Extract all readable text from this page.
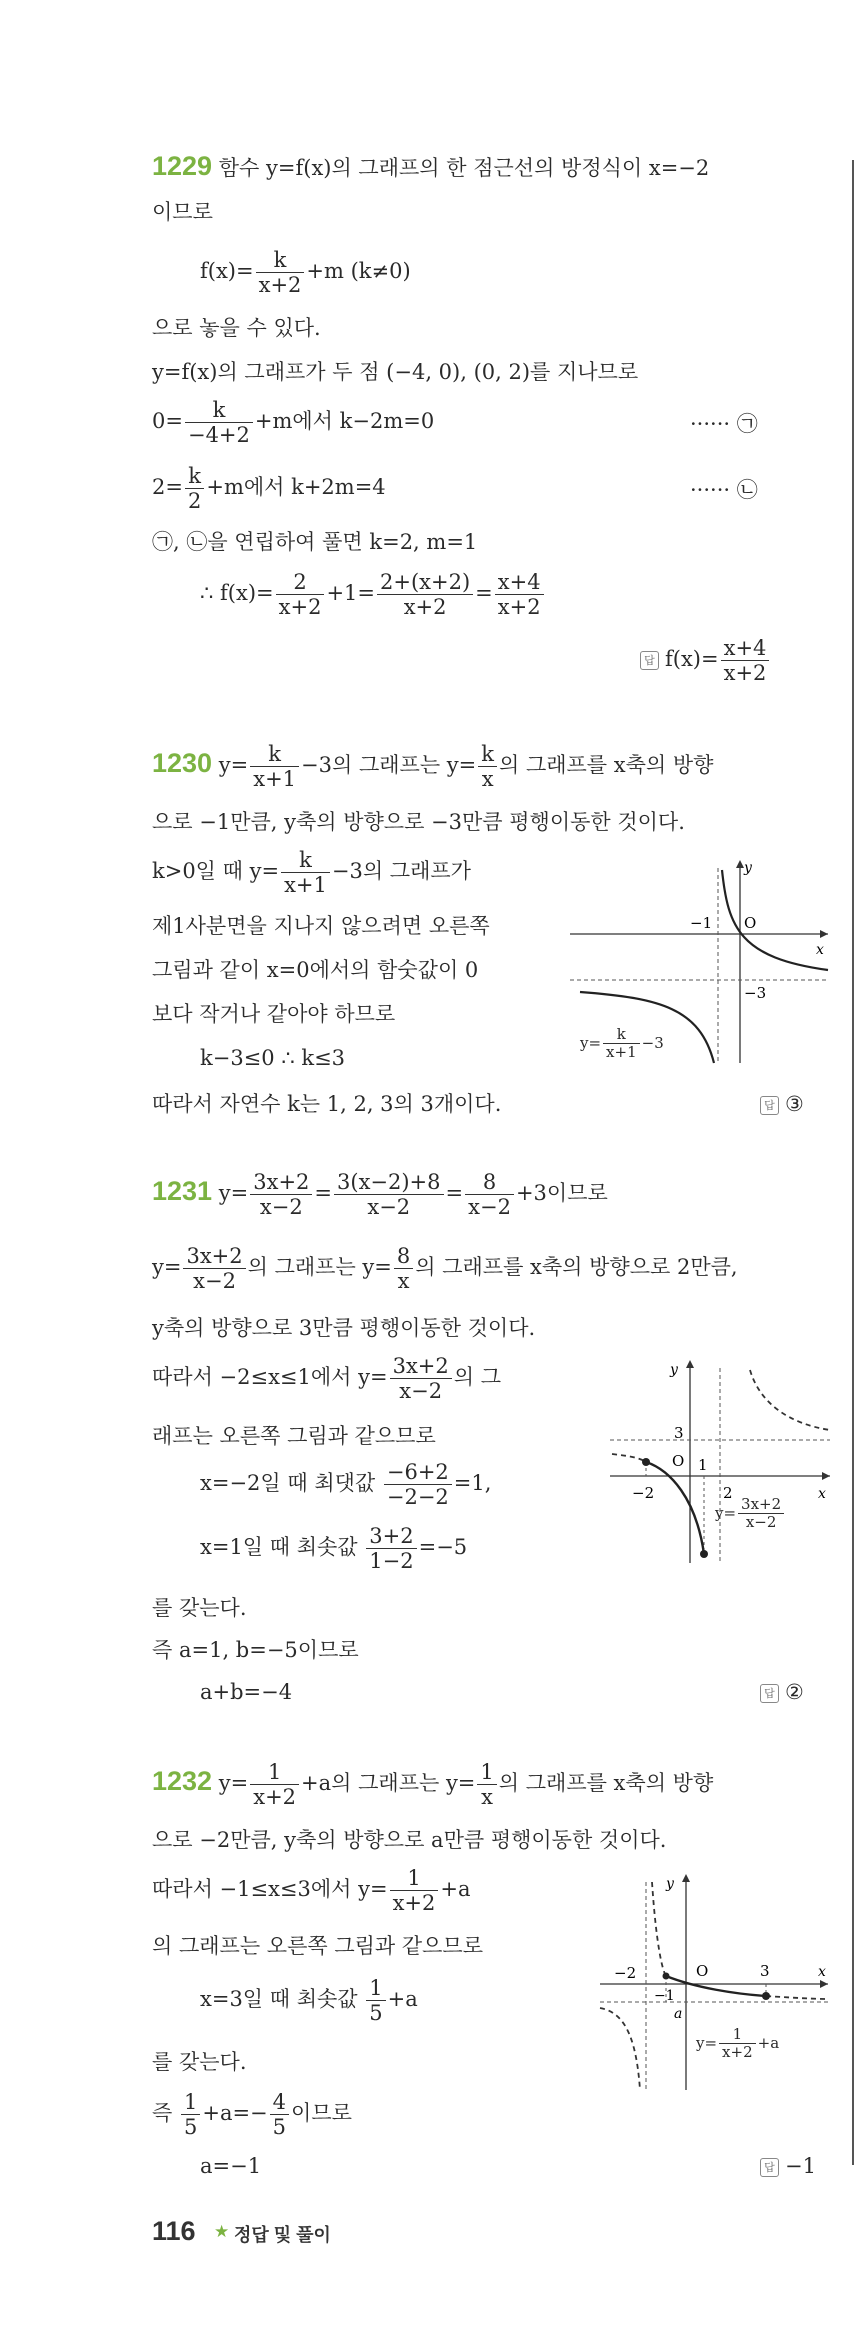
1229 함수 y=f(x)의 그래프의 한 점근선의 방정식이 x=−2
이므로
$f(x)= \frac{k}{x+2} +m$ (k≠0)
으로 놓을 수 있다.
y=f(x)의 그래프가 두 점 (−4, 0), (0, 2)를 지나므로
$0= \frac{k}{-4+2} +m$에서 k−2m=0	······ ㉠
$2= \frac{k}{2} +m$에서 k+2m=4	······ ㉡
㉠, ㉡을 연립하여 풀면 k=2, m=1
∴ $f(x)= \frac{2}{x+2} +1= \frac{2+(x+2)}{x+2} = \frac{x+4}{x+2}$
답 $f(x)= \frac{x+4}{x+2}$
1230 $y= \frac{k}{x+1} -3$의 그래프는 $y= \frac{k}{x}$ 의 그래프를 x축의 방향
으로 −1만큼, y축의 방향으로 −3만큼 평행이동한 것이다.
k>0일 때 $y= \frac{k}{x+1} -3$의 그래프가
제1사분면을 지나지 않으려면 오른쪽
그림과 같이 x=0에서의 함숫값이 0
보다 작거나 같아야 하므로
k−3≤0 ∴ k≤3
따라서 자연수 k는 1, 2, 3의 3개이다.	답 ③
y
x
O
−1
−3
$y= \frac{k}{x+1} -3$
1231 $y= \frac{3x+2}{x-2} = \frac{3(x-2)+8}{x-2} = \frac{8}{x-2} +3$이므로
$y= \frac{3x+2}{x-2}$ 의 그래프는 $y= \frac{8}{x}$ 의 그래프를 x축의 방향으로 2만큼,
y축의 방향으로 3만큼 평행이동한 것이다.
따라서 −2≤x≤1에서 $y= \frac{3x+2}{x-2}$ 의 그
래프는 오른쪽 그림과 같으므로
x=−2일 때 최댓값 $\frac{-6+2}{-2-2} =1$,
x=1일 때 최솟값 $\frac{3+2}{1-2} =-5$
를 갖는다.
즉 a=1, b=−5이므로
a+b=−4	답 ②
y
x
O
3
1
−2	2
$y= \frac{3x+2}{x-2}$
1232 $y= \frac{1}{x+2} +a$의 그래프는 $y= \frac{1}{x}$ 의 그래프를 x축의 방향
으로 −2만큼, y축의 방향으로 a만큼 평행이동한 것이다.
따라서 −1≤x≤3에서 $y= \frac{1}{x+2} +a$
의 그래프는 오른쪽 그림과 같으므로
x=3일 때 최솟값 $\frac{1}{5} +a$
를 갖는다.
즉 $\frac{1}{5} +a=- \frac{4}{5}$ 이므로
a=−1	답 −1
y
x
O
−2	3
−1
a
$y= \frac{1}{x+2} +a$
116 ★ 정답 및 풀이
